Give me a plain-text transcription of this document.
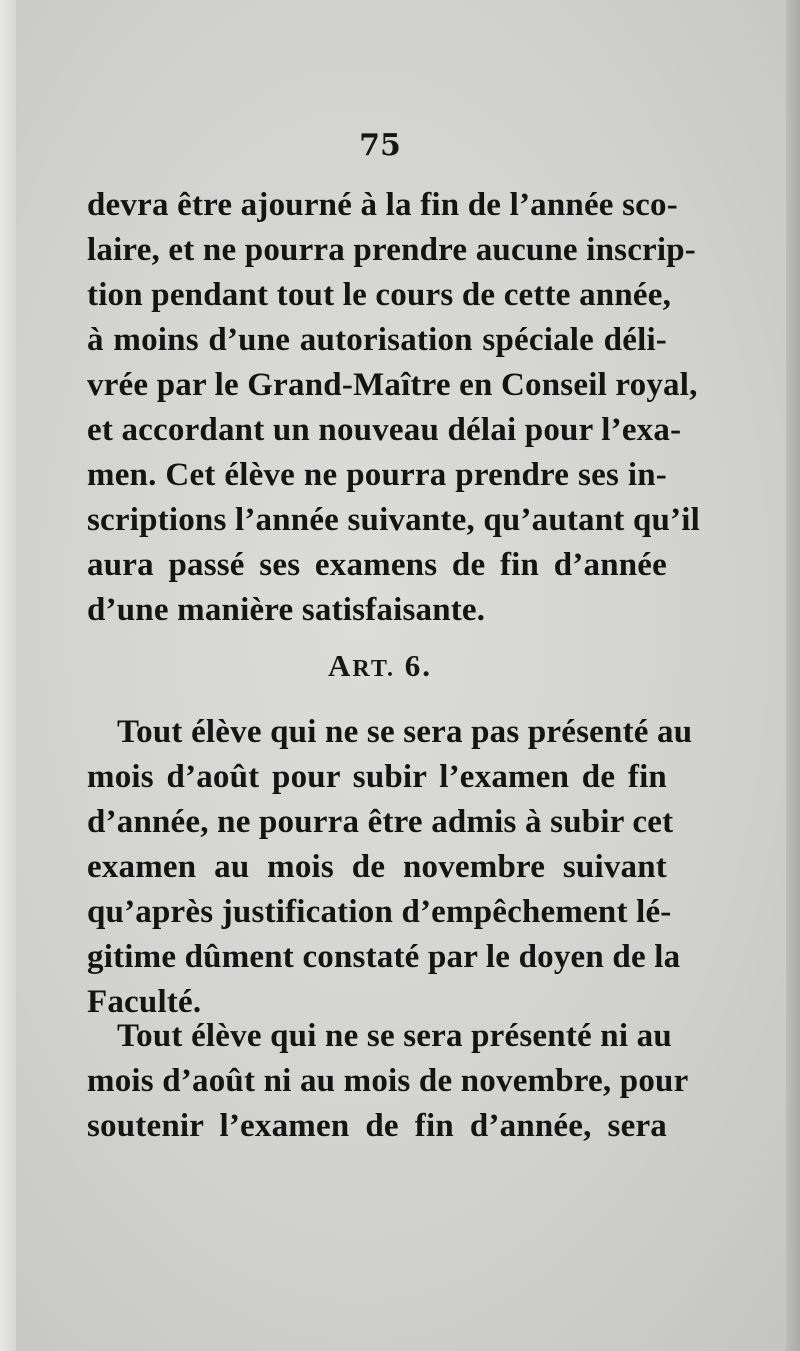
75
devra être ajourné à la fin de l’année sco-
laire, et ne pourra prendre aucune inscrip-
tion pendant tout le cours de cette année,
à moins d’une autorisation spéciale déli-
vrée par le Grand-Maître en Conseil royal,
et accordant un nouveau délai pour l’exa-
men. Cet élève ne pourra prendre ses in-
scriptions l’année suivante, qu’autant qu’il
aura passé ses examens de fin d’année
d’une manière satisfaisante.
ART. 6.
Tout élève qui ne se sera pas présenté au
mois d’août pour subir l’examen de fin
d’année, ne pourra être admis à subir cet
examen au mois de novembre suivant
qu’après justification d’empêchement lé-
gitime dûment constaté par le doyen de la
Faculté.
Tout élève qui ne se sera présenté ni au
mois d’août ni au mois de novembre, pour
soutenir l’examen de fin d’année, sera
